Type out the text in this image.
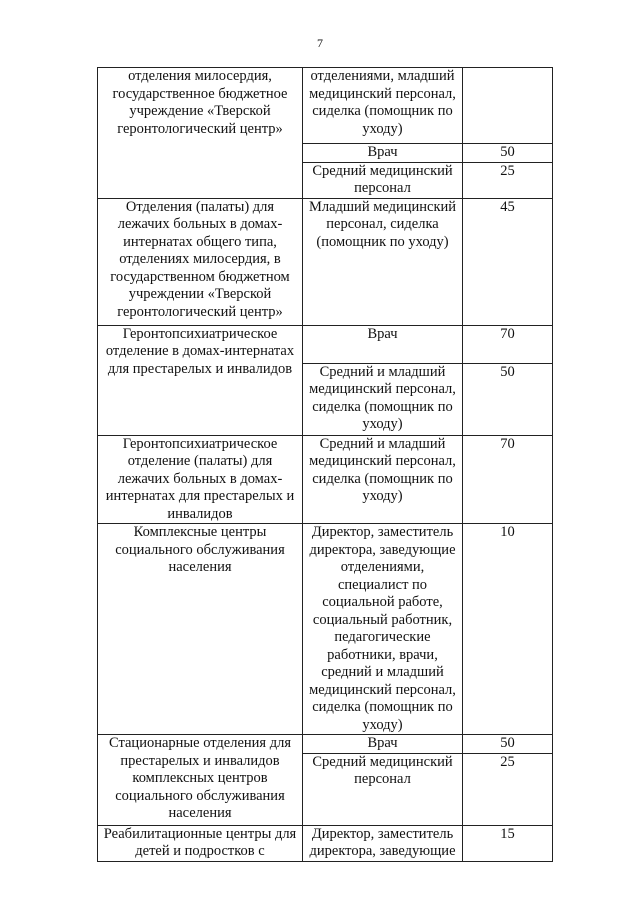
7
отделения милосердия, государственное бюджетное учреждение «Тверской геронтологический центр»	отделениями, младший медицинский персонал, сиделка (помощник по уходу)	

	Врач	50

	Средний медицинский персонал	25

Отделения (палаты) для лежачих больных в домах-интернатах общего типа, отделениях милосердия, в государственном бюджетном учреждении «Тверской геронтологический центр»	Младший медицинский персонал, сиделка (помощник по уходу)	45

Геронтопсихиатрическое отделение в домах-интернатах для престарелых и инвалидов	Врач	70

	Средний и младший медицинский персонал, сиделка (помощник по уходу)	50

Геронтопсихиатрическое отделение (палаты) для лежачих больных в домах-интернатах для престарелых и инвалидов	Средний и младший медицинский персонал, сиделка (помощник по уходу)	70

Комплексные центры социального обслуживания населения	Директор, заместитель директора, заведующие отделениями, специалист по социальной работе, социальный работник, педагогические работники, врачи, средний и младший медицинский персонал, сиделка (помощник по уходу)	10

Стационарные отделения для престарелых и инвалидов комплексных центров социального обслуживания населения	Врач	50

	Средний медицинский персонал	25

Реабилитационные центры для детей и подростков с	Директор, заместитель директора, заведующие	15
